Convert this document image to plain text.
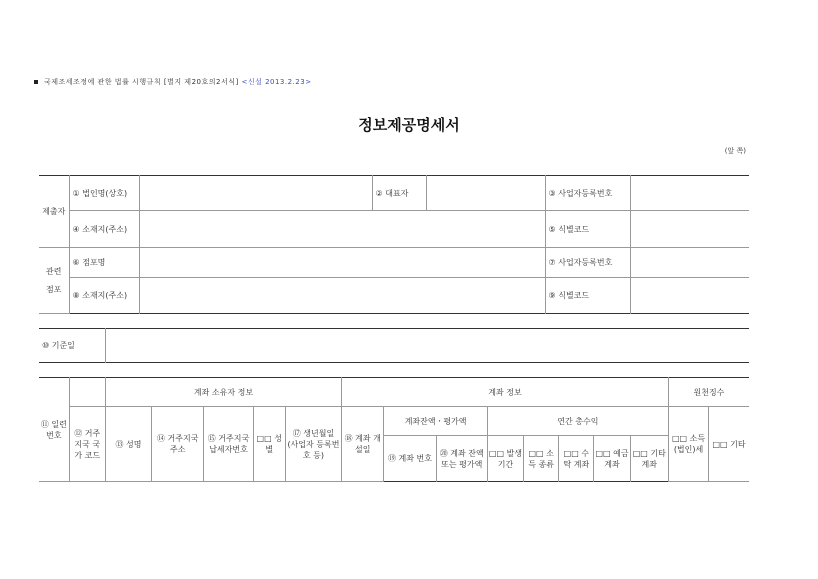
국제조세조정에 관한 법률 시행규칙 [별지 제20호의2서식] <신설 2013.2.23>
정보제공명세서
(앞 쪽)
제출자	① 법인명(상호)		② 대표자		③ 사업자등록번호	
	④ 소재지(주소)				⑤ 식별코드	
관련 점포	⑥ 점포명				⑦ 사업자등록번호	
	⑧ 소재지(주소)				⑨ 식별코드	
⑩ 기준일	
⑪ 일련번호		계좌 소유자 정보					계좌 정보								원천징수	
	⑫ 거주지국 국가 코드	⑬ 성명	⑭ 거주지국 주소	⑮ 거주지국 납세자번호	□□ 성별	⑰ 생년월일 (사업자 등록번호 등)	⑱ 계좌 개설일	계좌잔액ㆍ평가액		연간 총수익					□□ 소득(법인)세	□□ 기타
								⑲ 계좌 번호	⑳ 계좌 잔액 또는 평가액	□□ 발생 기간	□□ 소득 종류	□□ 수탁 계좌	□□ 예금 계좌	□□ 기타 계좌		
